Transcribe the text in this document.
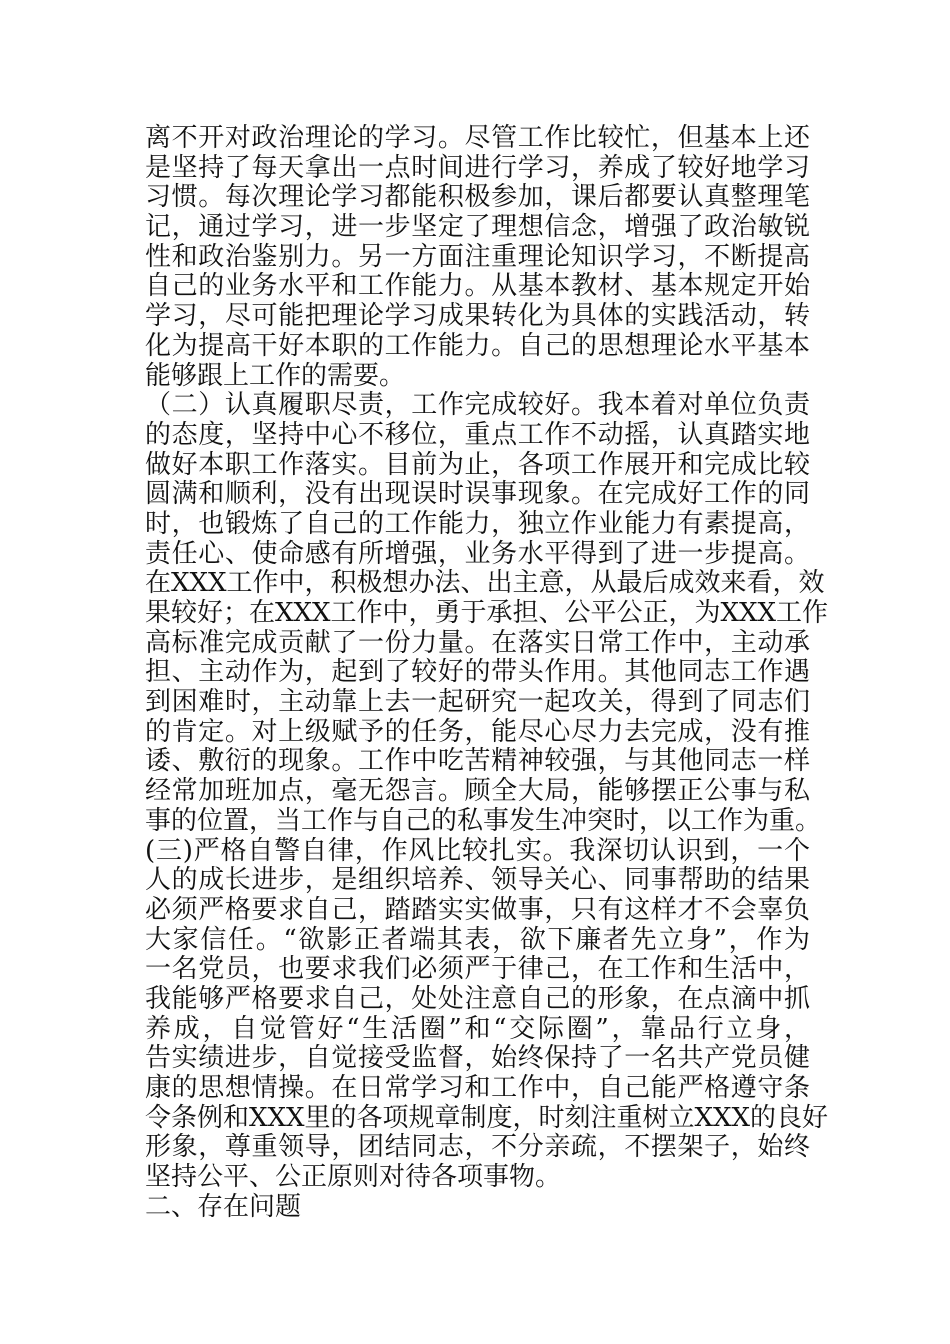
离不开对政治理论的学习。尽管工作比较忙，但基本上还
是坚持了每天拿出一点时间进行学习，养成了较好地学习
习惯。每次理论学习都能积极参加，课后都要认真整理笔
记，通过学习，进一步坚定了理想信念，增强了政治敏锐
性和政治鉴别力。另一方面注重理论知识学习，不断提高
自己的业务水平和工作能力。从基本教材、基本规定开始
学习，尽可能把理论学习成果转化为具体的实践活动，转
化为提高干好本职的工作能力。自己的思想理论水平基本
能够跟上工作的需要。
（二）认真履职尽责，工作完成较好。我本着对单位负责
的态度，坚持中心不移位，重点工作不动摇，认真踏实地
做好本职工作落实。目前为止，各项工作展开和完成比较
圆满和顺利，没有出现误时误事现象。在完成好工作的同
时，也锻炼了自己的工作能力，独立作业能力有素提高，
责任心、使命感有所增强，业务水平得到了进一步提高。
在XXX工作中，积极想办法、出主意，从最后成效来看，效
果较好；在XXX工作中，勇于承担、公平公正，为XXX工作
高标准完成贡献了一份力量。在落实日常工作中，主动承
担、主动作为，起到了较好的带头作用。其他同志工作遇
到困难时，主动靠上去一起研究一起攻关，得到了同志们
的肯定。对上级赋予的任务，能尽心尽力去完成，没有推
诿、敷衍的现象。工作中吃苦精神较强，与其他同志一样
经常加班加点，毫无怨言。顾全大局，能够摆正公事与私
事的位置，当工作与自己的私事发生冲突时，以工作为重。
(三)严格自警自律，作风比较扎实。我深切认识到，一个
人的成长进步，是组织培养、领导关心、同事帮助的结果
必须严格要求自己，踏踏实实做事，只有这样才不会辜负
大家信任。“欲影正者端其表，欲下廉者先立身”，作为
一名党员，也要求我们必须严于律己，在工作和生活中，
我能够严格要求自己，处处注意自己的形象，在点滴中抓
养成，自觉管好“生活圈”和“交际圈”，靠品行立身，
告实绩进步，自觉接受监督，始终保持了一名共产党员健
康的思想情操。在日常学习和工作中，自己能严格遵守条
令条例和XXX里的各项规章制度，时刻注重树立XXX的良好
形象，尊重领导，团结同志，不分亲疏，不摆架子，始终
坚持公平、公正原则对待各项事物。
二、存在问题
